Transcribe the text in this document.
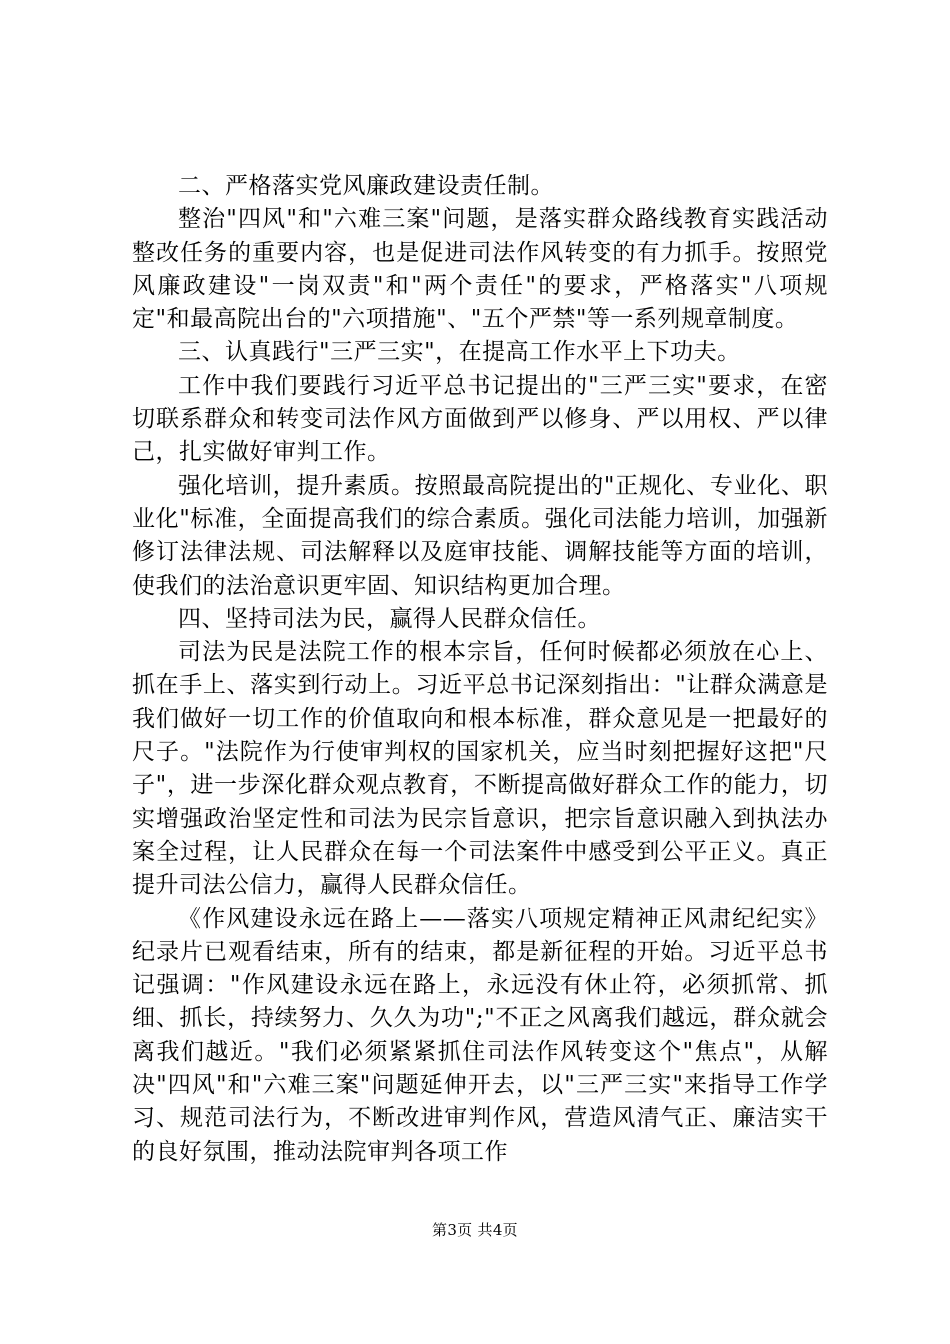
二、严格落实党风廉政建设责任制。

整治"四风"和"六难三案"问题，是落实群众路线教育实践活动整改任务的重要内容，也是促进司法作风转变的有力抓手。按照党风廉政建设"一岗双责"和"两个责任"的要求，严格落实"八项规定"和最高院出台的"六项措施"、"五个严禁"等一系列规章制度。

三、认真践行"三严三实"，在提高工作水平上下功夫。

工作中我们要践行习近平总书记提出的"三严三实"要求，在密切联系群众和转变司法作风方面做到严以修身、严以用权、严以律己，扎实做好审判工作。

强化培训，提升素质。按照最高院提出的"正规化、专业化、职业化"标准，全面提高我们的综合素质。强化司法能力培训，加强新修订法律法规、司法解释以及庭审技能、调解技能等方面的培训，使我们的法治意识更牢固、知识结构更加合理。

四、坚持司法为民，赢得人民群众信任。

司法为民是法院工作的根本宗旨，任何时候都必须放在心上、抓在手上、落实到行动上。习近平总书记深刻指出："让群众满意是我们做好一切工作的价值取向和根本标准，群众意见是一把最好的尺子。"法院作为行使审判权的国家机关，应当时刻把握好这把"尺子"，进一步深化群众观点教育，不断提高做好群众工作的能力，切实增强政治坚定性和司法为民宗旨意识，把宗旨意识融入到执法办案全过程，让人民群众在每一个司法案件中感受到公平正义。真正提升司法公信力，赢得人民群众信任。

《作风建设永远在路上——落实八项规定精神正风肃纪纪实》纪录片已观看结束，所有的结束，都是新征程的开始。习近平总书记强调："作风建设永远在路上，永远没有休止符，必须抓常、抓细、抓长，持续努力、久久为功";"不正之风离我们越远，群众就会离我们越近。"我们必须紧紧抓住司法作风转变这个"焦点"，从解决"四风"和"六难三案"问题延伸开去，以"三严三实"来指导工作学习、规范司法行为，不断改进审判作风，营造风清气正、廉洁实干的良好氛围，推动法院审判各项工作

第3页 共4页
